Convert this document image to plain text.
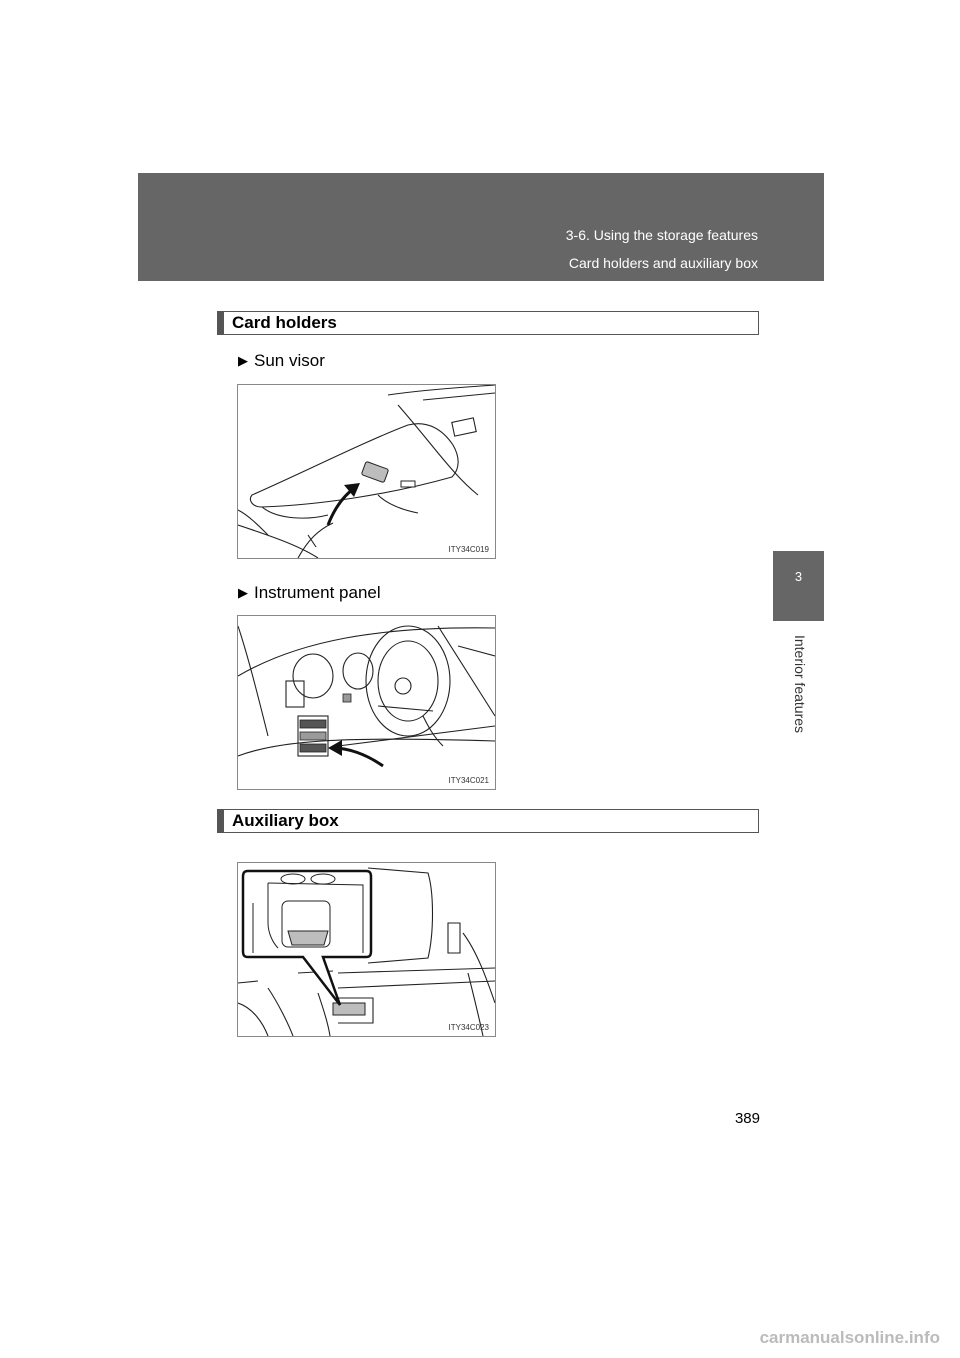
3-6. Using the storage features
Card holders and auxiliary box
3
Interior features
Card holders
▶ Sun visor
ITY34C019
▶ Instrument panel
ITY34C021
Auxiliary box
ITY34C023
389
carmanualsonline.info
